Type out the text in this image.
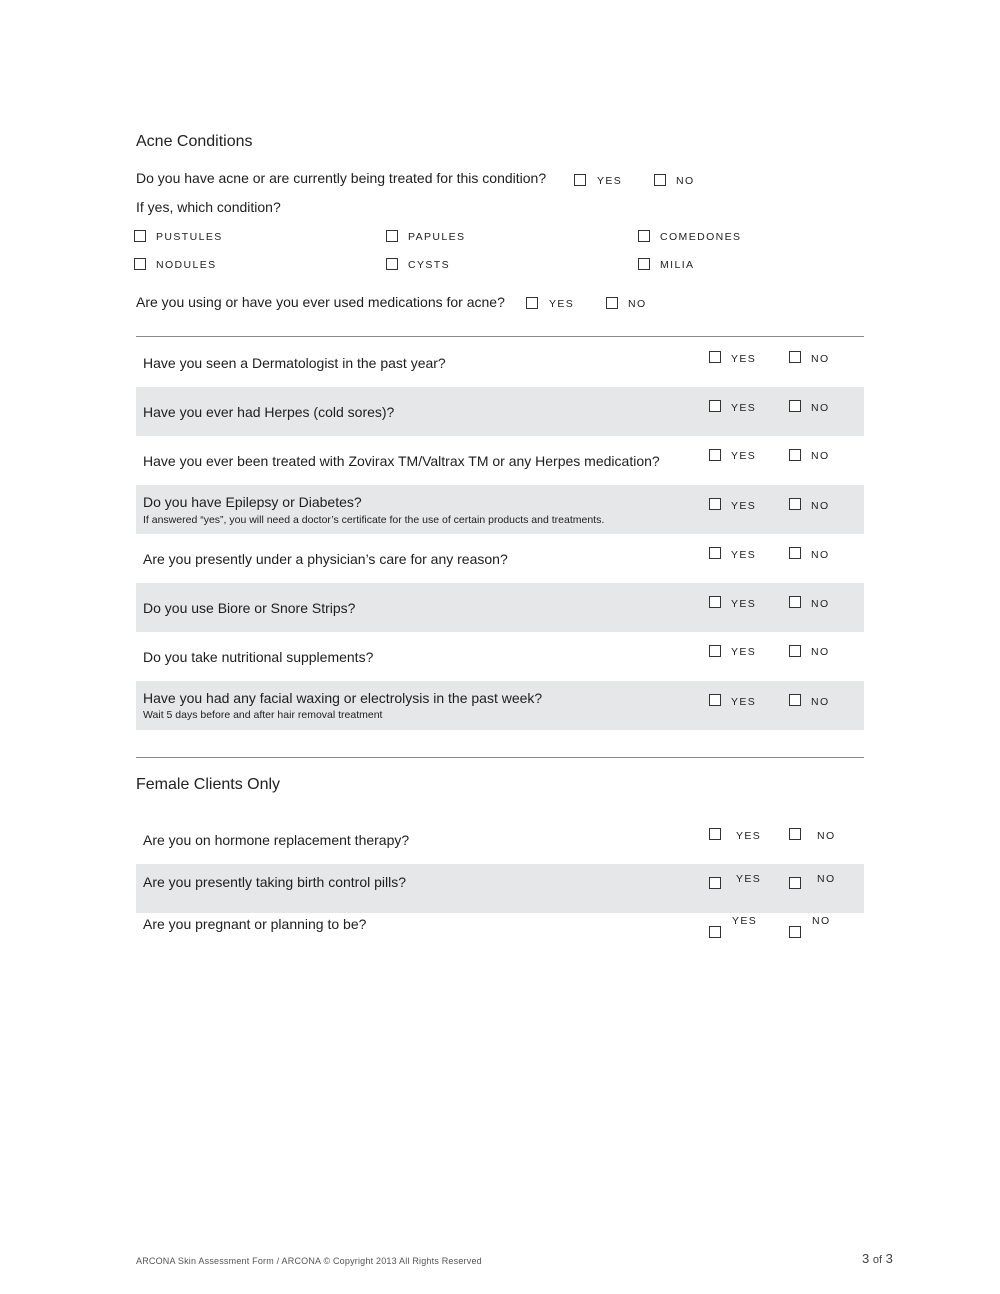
Acne Conditions
Do you have acne or are currently being treated for this condition?	YES	NO
If yes, which condition?
PUSTULES	PAPULES	COMEDONES
NODULES	CYSTS	MILIA
Are you using or have you ever used medications for acne?	YES	NO
Have you seen a Dermatologist in the past year?	YES	NO
Have you ever had Herpes (cold sores)?	YES	NO
Have you ever been treated with Zovirax TM/Valtrax TM or any Herpes medication?	YES	NO
Do you have Epilepsy or Diabetes?
If answered “yes”, you will need a doctor’s certificate for the use of certain products and treatments.
YES	NO
Are you presently under a physician’s care for any reason?	YES	NO
Do you use Biore or Snore Strips?	YES	NO
Do you take nutritional supplements?	YES	NO
Have you had any facial waxing or electrolysis in the past week?
Wait 5 days before and after hair removal treatment
YES	NO
Female Clients Only
Are you on hormone replacement therapy?	YES	NO
Are you presently taking birth control pills?	YES	NO
Are you pregnant or planning to be?	YES	NO
ARCONA Skin Assessment Form / ARCONA © Copyright 2013 All Rights Reserved	3 of 3
